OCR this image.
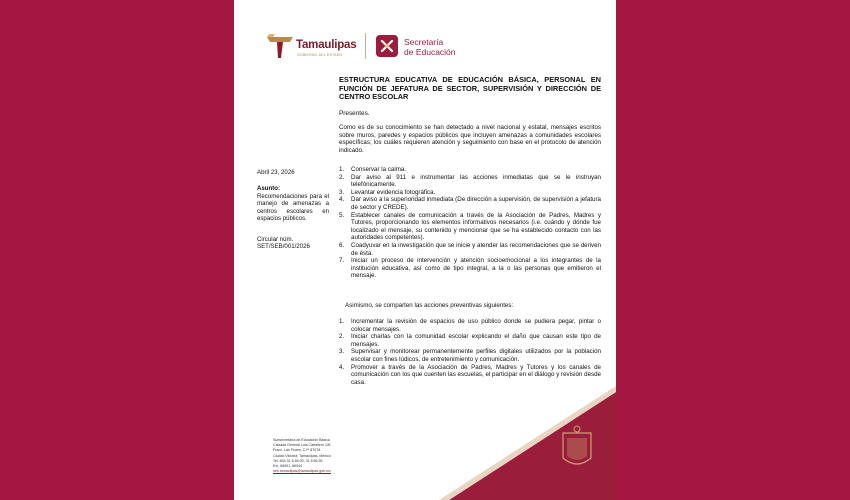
Tamaulipas
GOBIERNO DEL ESTADO
Secretaría
de Educación
ESTRUCTURA EDUCATIVA DE EDUCACIÓN BÁSICA, PERSONAL EN FUNCIÓN DE JEFATURA DE SECTOR, SUPERVISIÓN Y DIRECCIÓN DE CENTRO ESCOLAR
Presentes.
Como es de su conocimiento se han detectado a nivel nacional y estatal, mensajes escritos sobre muros, paredes y espacios públicos que incluyen amenazas a comunidades escolares específicas; los cuáles requieren atención y seguimiento con base en el protocolo de atención indicado.
Abril 23, 2026
Asunto:
Recomendaciones para el manejo de amenazas a centros escolares en espacios públicos.
Circular núm. SET/SEB/001/2026
1. Conservar la calma.
2. Dar aviso al 911 e instrumentar las acciones inmediatas que se le instruyan telefónicamente.
3. Levantar evidencia fotográfica.
4. Dar aviso a la superioridad inmediata (De dirección a supervisión, de supervisión a jefatura de sector y CREDE).
5. Establecer canales de comunicación a través de la Asociación de Padres, Madres y Tutores, proporcionando los elementos informativos necesarios (i.e. cuándo y dónde fue localizado el mensaje, su contenido y mencionar que se ha establecido contacto con las autoridades competentes).
6. Coadyuvar en la investigación que se inicie y atender las recomendaciones que se deriven de ésta.
7. Iniciar un proceso de intervención y atención socioemocional a los integrantes de la institución educativa, así como de tipo integral, a la o las personas que emitieron el mensaje.
Asimismo, se comparten las acciones preventivas siguientes:
1. Incrementar la revisión de espacios de uso público donde se pudiera pegar, pintar o colocar mensajes.
2. Iniciar charlas con la comunidad escolar explicando el daño que causan este tipo de mensajes.
3. Supervisar y monitorear permanentemente perfiles digitales utilizados por la población escolar con fines lúdicos, de entretenimiento y comunicación.
4. Promover a través de la Asociación de Padres, Madres y Tutores y los canales de comunicación con los que cuenten las escuelas, el participar en el diálogo y revisión desde casa.
Subsecretaría de Educación Básica
Calzada General Luis Caballero 1/N
Fracc. Las Flores, C.P. 87078
Ciudad Victoria, Tamaulipas, México
Tel. 834 31 8 66 00, 31 8 66 55
Ext. 66051, 66044
seb.tamaulipas@tamaulipas.gob.mx
